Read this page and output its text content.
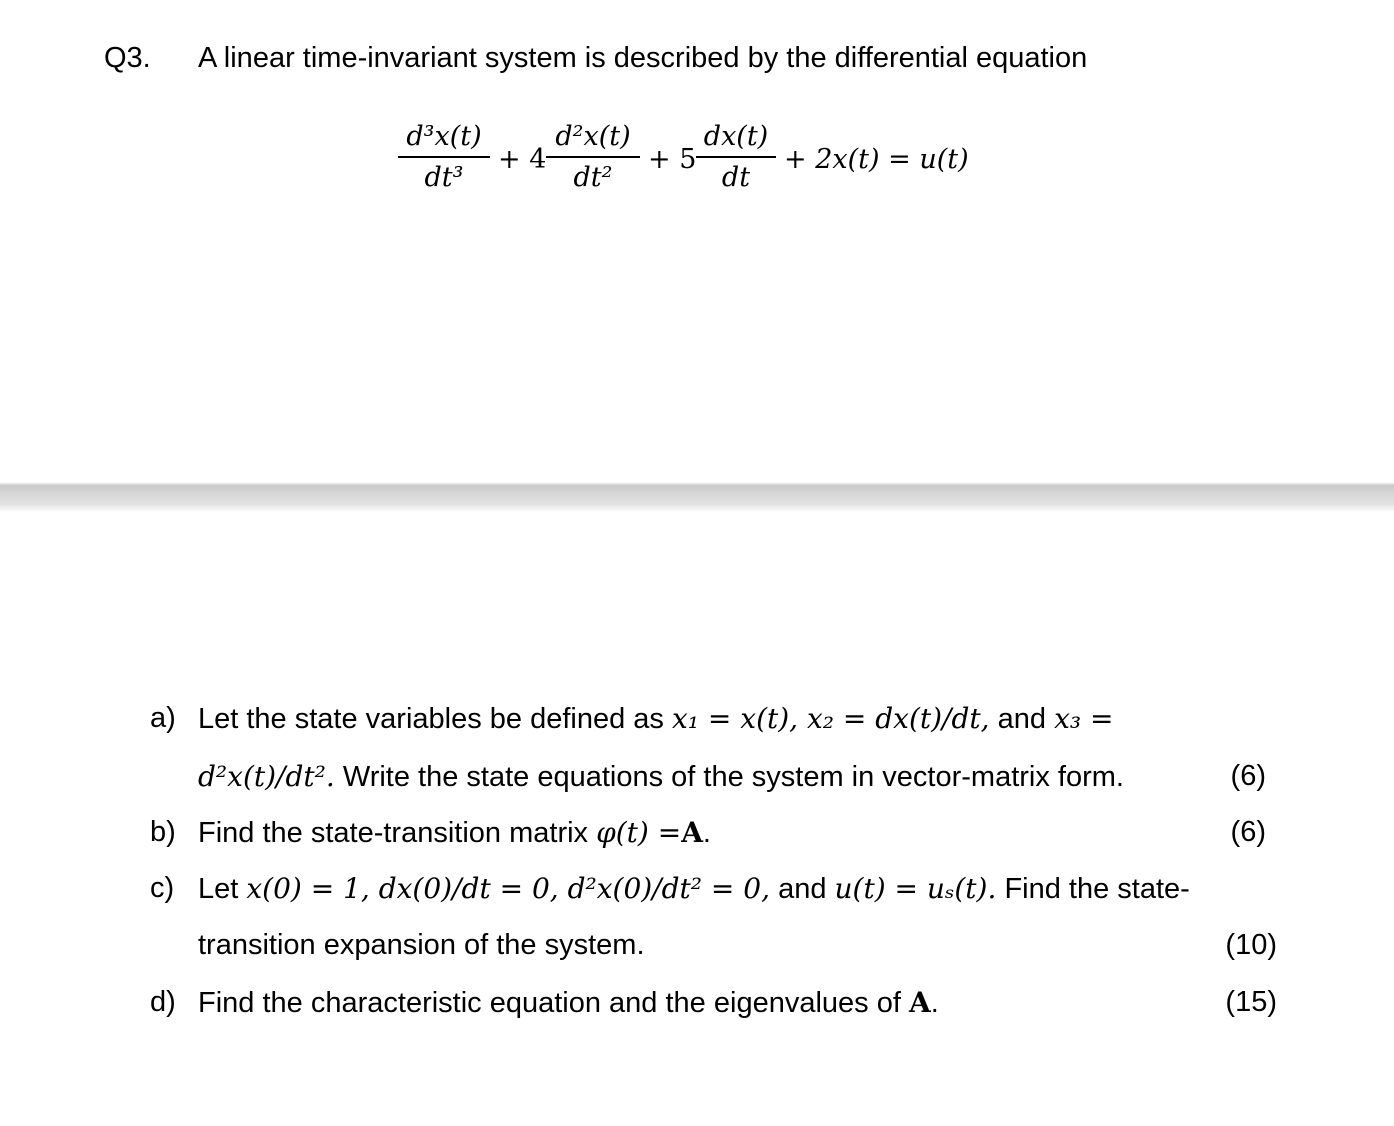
Q3. A linear time-invariant system is described by the differential equation
d³x(t)
dt³
+ 4
d²x(t)
dt²
+ 5
dx(t)
dt
+ 2x(t) = u(t)
a) Let the state variables be defined as x₁ = x(t), x₂ = dx(t)/dt, and x₃ =
d²x(t)/dt². Write the state equations of the system in vector-matrix form.	(6)
b) Find the state-transition matrix φ(t) =A.	(6)
c) Let x(0) = 1, dx(0)/dt = 0, d²x(0)/dt² = 0, and u(t) = uₛ(t). Find the state-
transition expansion of the system.	(10)
d) Find the characteristic equation and the eigenvalues of A.	(15)
